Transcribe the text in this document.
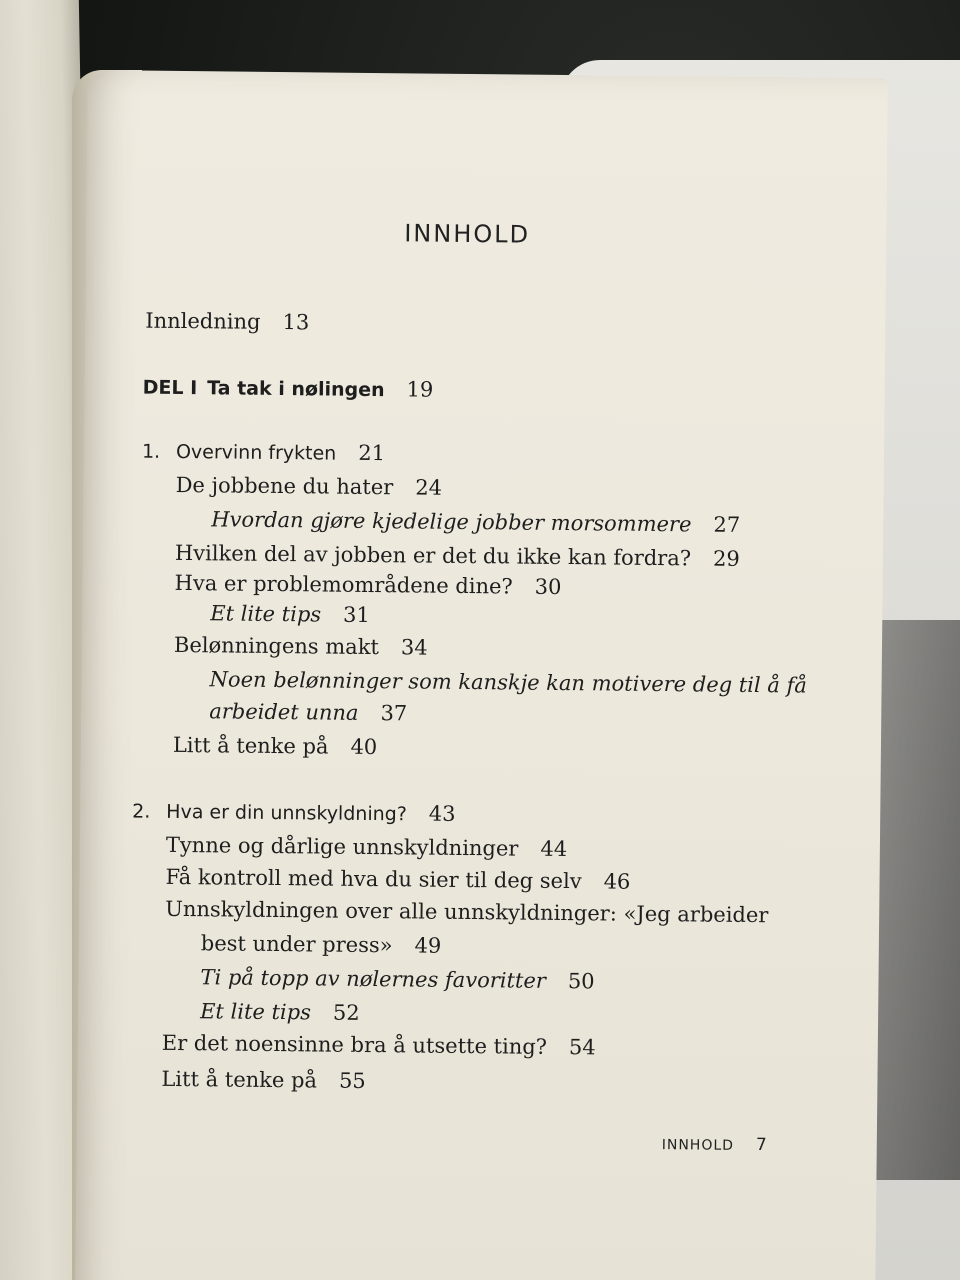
INNHOLD
Innledning 13
DEL I Ta tak i nølingen 19
1. Overvinn frykten 21
De jobbene du hater 24
Hvordan gjøre kjedelige jobber morsommere 27
Hvilken del av jobben er det du ikke kan fordra? 29
Hva er problemområdene dine? 30
Et lite tips 31
Belønningens makt 34
Noen belønninger som kanskje kan motivere deg til å få
arbeidet unna 37
Litt å tenke på 40
2. Hva er din unnskyldning? 43
Tynne og dårlige unnskyldninger 44
Få kontroll med hva du sier til deg selv 46
Unnskyldningen over alle unnskyldninger: «Jeg arbeider
best under press» 49
Ti på topp av nølernes favoritter 50
Et lite tips 52
Er det noensinne bra å utsette ting? 54
Litt å tenke på 55
INNHOLD 7
